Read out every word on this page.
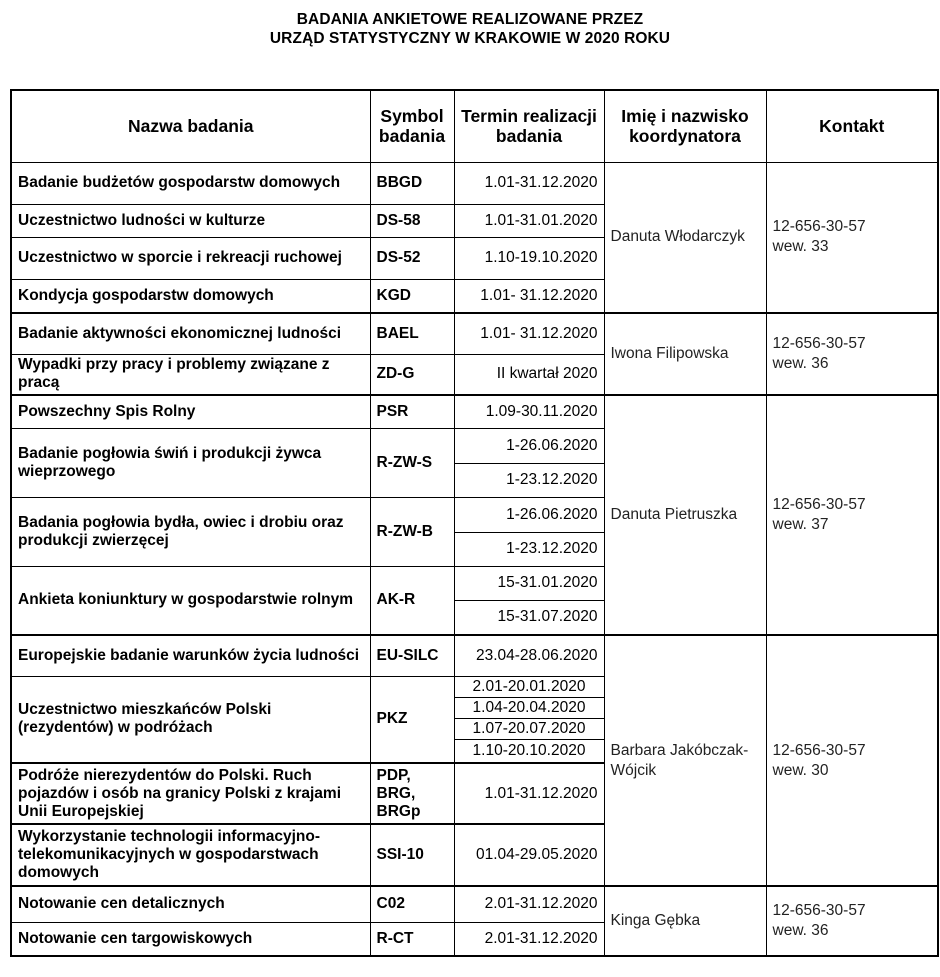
BADANIA ANKIETOWE REALIZOWANE PRZEZ
URZĄD STATYSTYCZNY W KRAKOWIE W 2020 ROKU
Nazwa badania	Symbol badania	Termin realizacji badania	Imię i nazwisko koordynatora	Kontakt
Badanie budżetów gospodarstw domowych	BBGD	1.01-31.12.2020	Danuta Włodarczyk	12-656-30-57
wew. 33

Uczestnictwo ludności w kulturze	DS-58	1.01-31.01.2020		
Uczestnictwo w sporcie i rekreacji ruchowej	DS-52	1.10-19.10.2020		
Kondycja gospodarstw domowych	KGD	1.01- 31.12.2020		
Badanie aktywności ekonomicznej ludności	BAEL	1.01- 31.12.2020	Iwona Filipowska	12-656-30-57
wew. 36

Wypadki przy pracy i problemy związane z pracą	ZD-G	II kwartał 2020		
Powszechny Spis Rolny	PSR	1.09-30.11.2020	Danuta Pietruszka	12-656-30-57
wew. 37

Badanie pogłowia świń i produkcji żywca wieprzowego	R-ZW-S	1-26.06.2020		
		1-23.12.2020		
Badania pogłowia bydła, owiec i drobiu oraz produkcji zwierzęcej	R-ZW-B	1-26.06.2020		
		1-23.12.2020		
Ankieta koniunktury w gospodarstwie rolnym	AK-R	15-31.01.2020		
		15-31.07.2020		
Europejskie badanie warunków życia ludności	EU-SILC	23.04-28.06.2020	Barbara Jakóbczak-Wójcik	12-656-30-57
wew. 30

Uczestnictwo mieszkańców Polski (rezydentów) w podróżach	PKZ	2.01-20.01.2020		
		1.04-20.04.2020		
		1.07-20.07.2020		
		1.10-20.10.2020		
Podróże nierezydentów do Polski. Ruch pojazdów i osób na granicy Polski z krajami Unii Europejskiej	PDP, BRG, BRGp	1.01-31.12.2020		
Wykorzystanie technologii informacyjno-telekomunikacyjnych w gospodarstwach domowych	SSI-10	01.04-29.05.2020		
Notowanie cen detalicznych	C02	2.01-31.12.2020	Kinga Gębka	12-656-30-57
wew. 36

Notowanie cen targowiskowych	R-CT	2.01-31.12.2020		
